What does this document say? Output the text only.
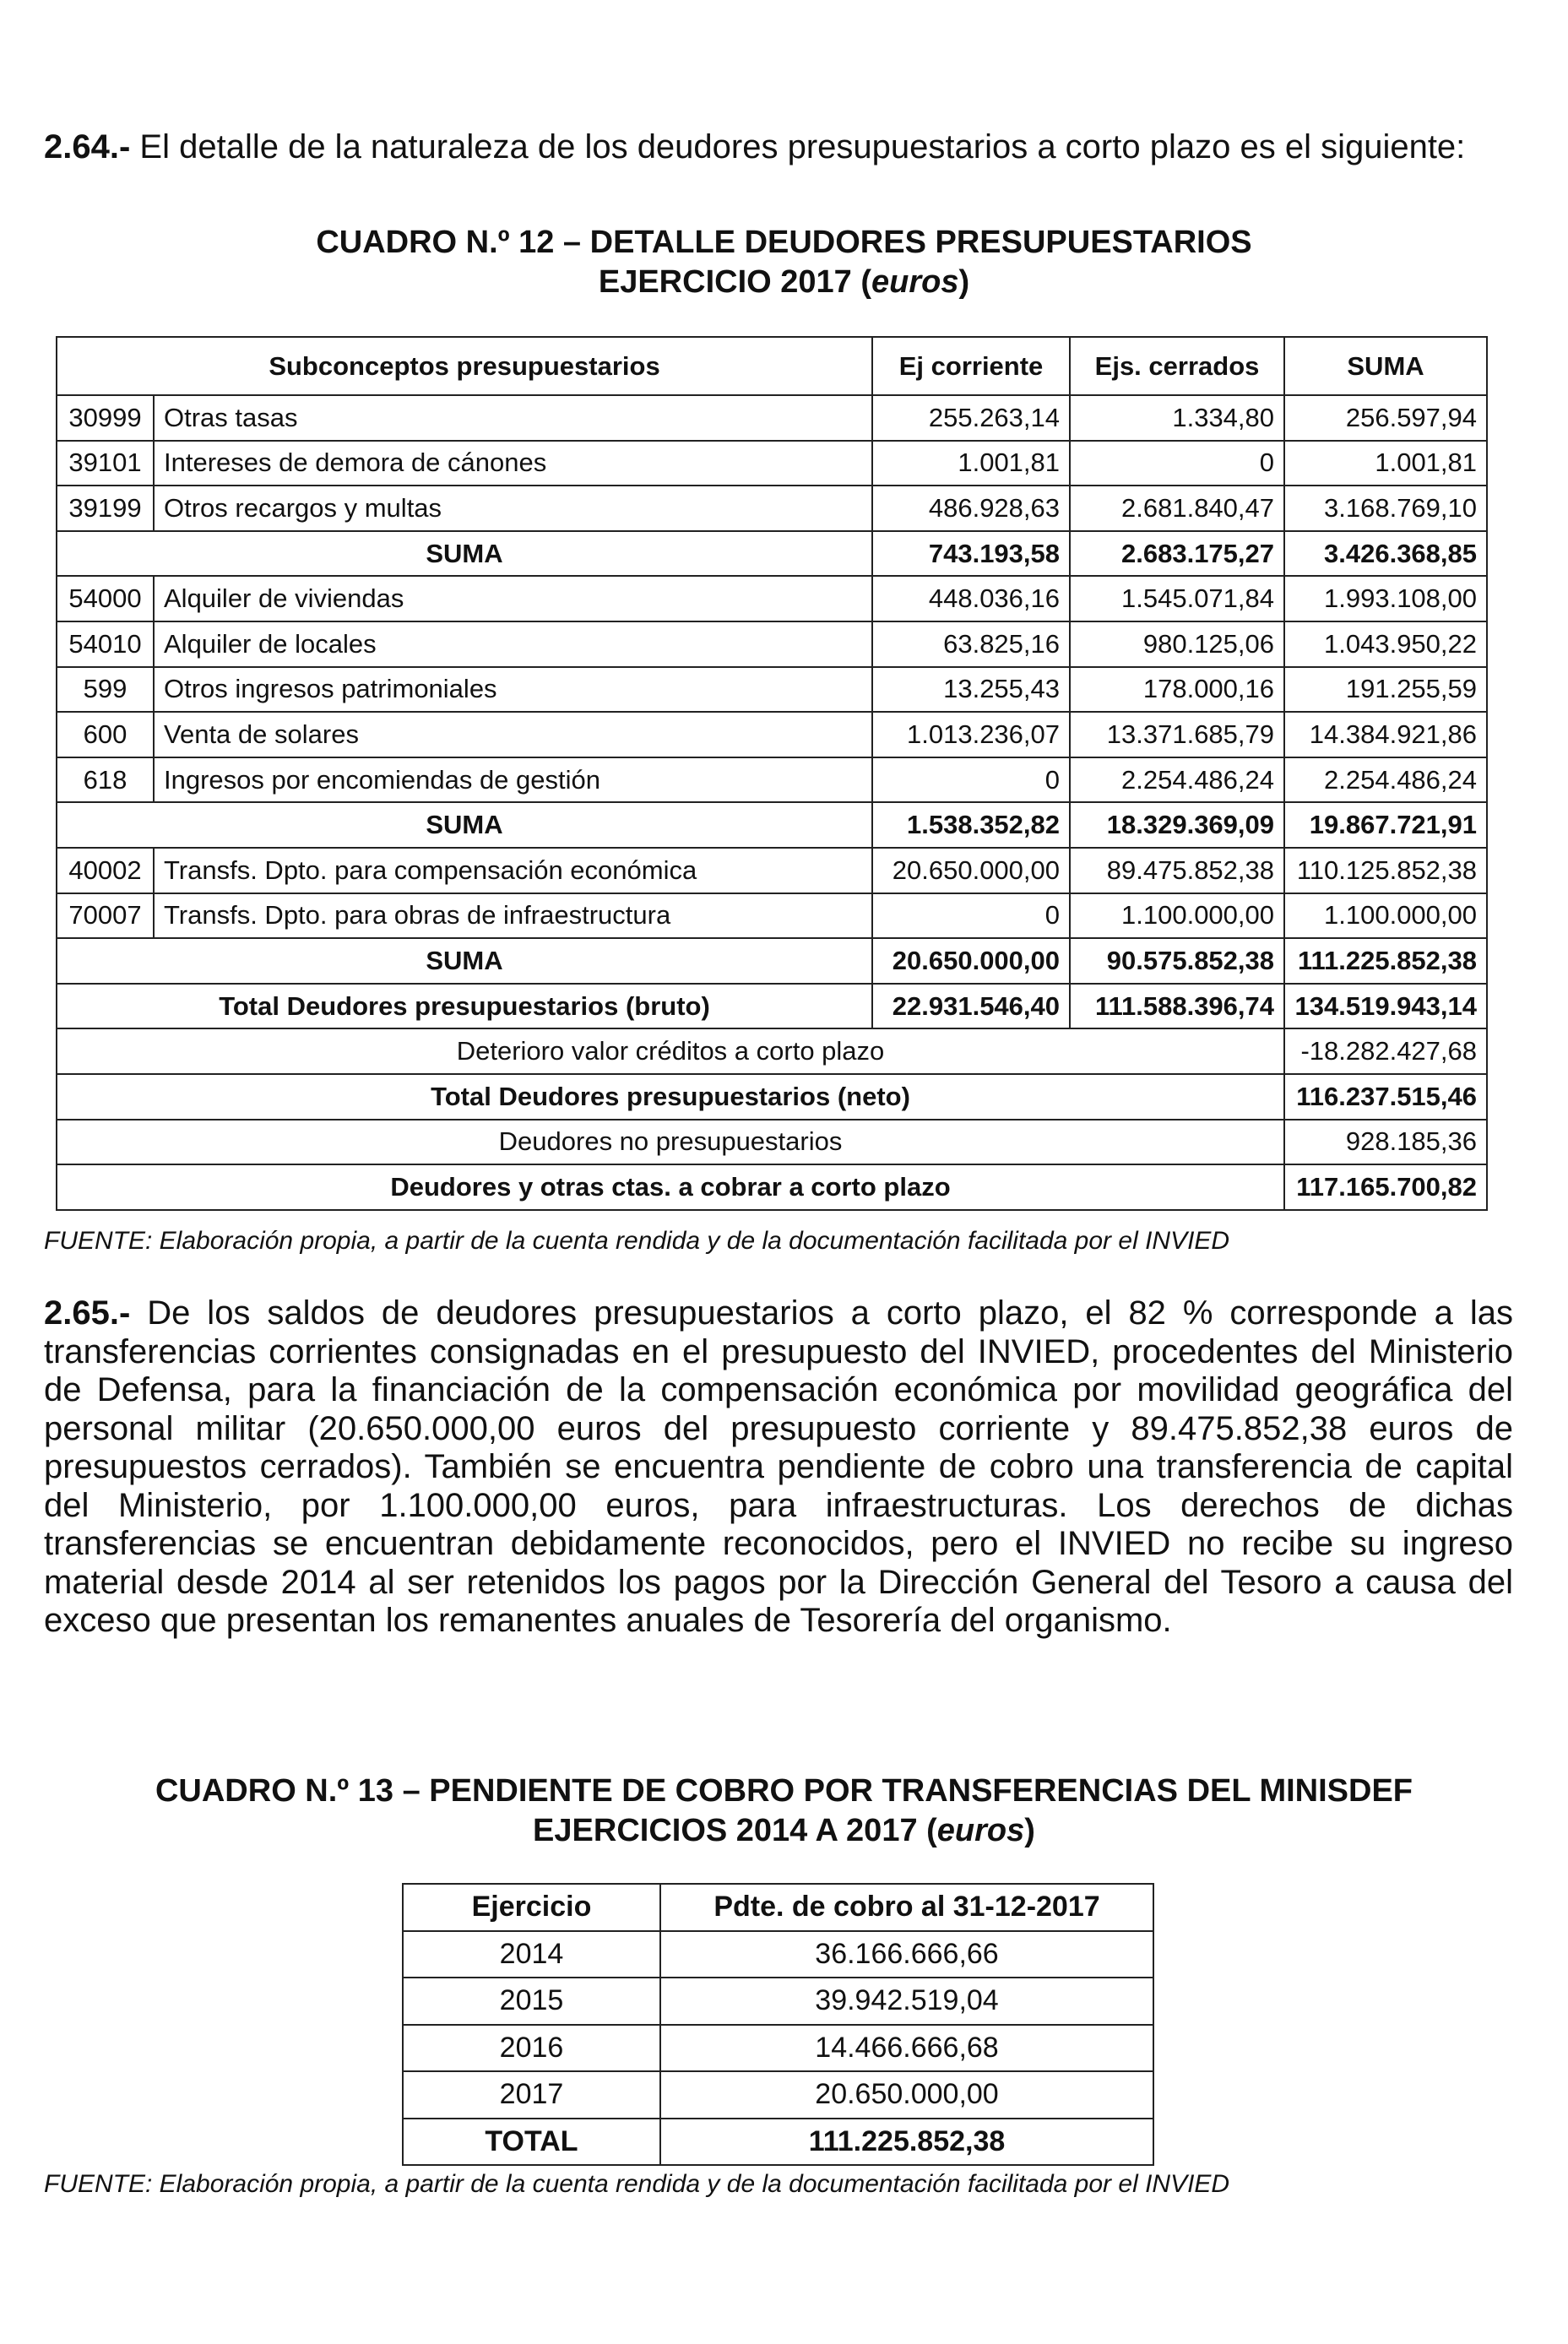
2.64.- El detalle de la naturaleza de los deudores presupuestarios a corto plazo es el siguiente:

CUADRO N.º 12 – DETALLE DEUDORES PRESUPUESTARIOS
EJERCICIO 2017 (euros)
Subconceptos presupuestarios		Ej corriente	Ejs. cerrados	SUMA
30999	Otras tasas	255.263,14	1.334,80	256.597,94
39101	Intereses de demora de cánones	1.001,81	0	1.001,81
39199	Otros recargos y multas	486.928,63	2.681.840,47	3.168.769,10
SUMA		743.193,58	2.683.175,27	3.426.368,85
54000	Alquiler de viviendas	448.036,16	1.545.071,84	1.993.108,00
54010	Alquiler de locales	63.825,16	980.125,06	1.043.950,22
599	Otros ingresos patrimoniales	13.255,43	178.000,16	191.255,59
600	Venta de solares	1.013.236,07	13.371.685,79	14.384.921,86
618	Ingresos por encomiendas de gestión	0	2.254.486,24	2.254.486,24
SUMA		1.538.352,82	18.329.369,09	19.867.721,91
40002	Transfs. Dpto. para compensación económica	20.650.000,00	89.475.852,38	110.125.852,38
70007	Transfs. Dpto. para obras de infraestructura	0	1.100.000,00	1.100.000,00
SUMA		20.650.000,00	90.575.852,38	111.225.852,38
Total Deudores presupuestarios (bruto)		22.931.546,40	111.588.396,74	134.519.943,14
Deterioro valor créditos a corto plazo				-18.282.427,68
Total Deudores presupuestarios (neto)				116.237.515,46
Deudores no presupuestarios				928.185,36
Deudores y otras ctas. a cobrar a corto plazo				117.165.700,82

FUENTE: Elaboración propia, a partir de la cuenta rendida y de la documentación facilitada por el INVIED

2.65.- De los saldos de deudores presupuestarios a corto plazo, el 82 % corresponde a las transferencias corrientes consignadas en el presupuesto del INVIED, procedentes del Ministerio de Defensa, para la financiación de la compensación económica por movilidad geográfica del personal militar (20.650.000,00 euros del presupuesto corriente y 89.475.852,38 euros de presupuestos cerrados). También se encuentra pendiente de cobro una transferencia de capital del Ministerio, por 1.100.000,00 euros, para infraestructuras. Los derechos de dichas transferencias se encuentran debidamente reconocidos, pero el INVIED no recibe su ingreso material desde 2014 al ser retenidos los pagos por la Dirección General del Tesoro a causa del exceso que presentan los remanentes anuales de Tesorería del organismo.

CUADRO N.º 13 – PENDIENTE DE COBRO POR TRANSFERENCIAS DEL MINISDEF
EJERCICIOS 2014 A 2017 (euros)
Ejercicio	Pdte. de cobro al 31-12-2017
2014	36.166.666,66
2015	39.942.519,04
2016	14.466.666,68
2017	20.650.000,00
TOTAL	111.225.852,38

FUENTE: Elaboración propia, a partir de la cuenta rendida y de la documentación facilitada por el INVIED
